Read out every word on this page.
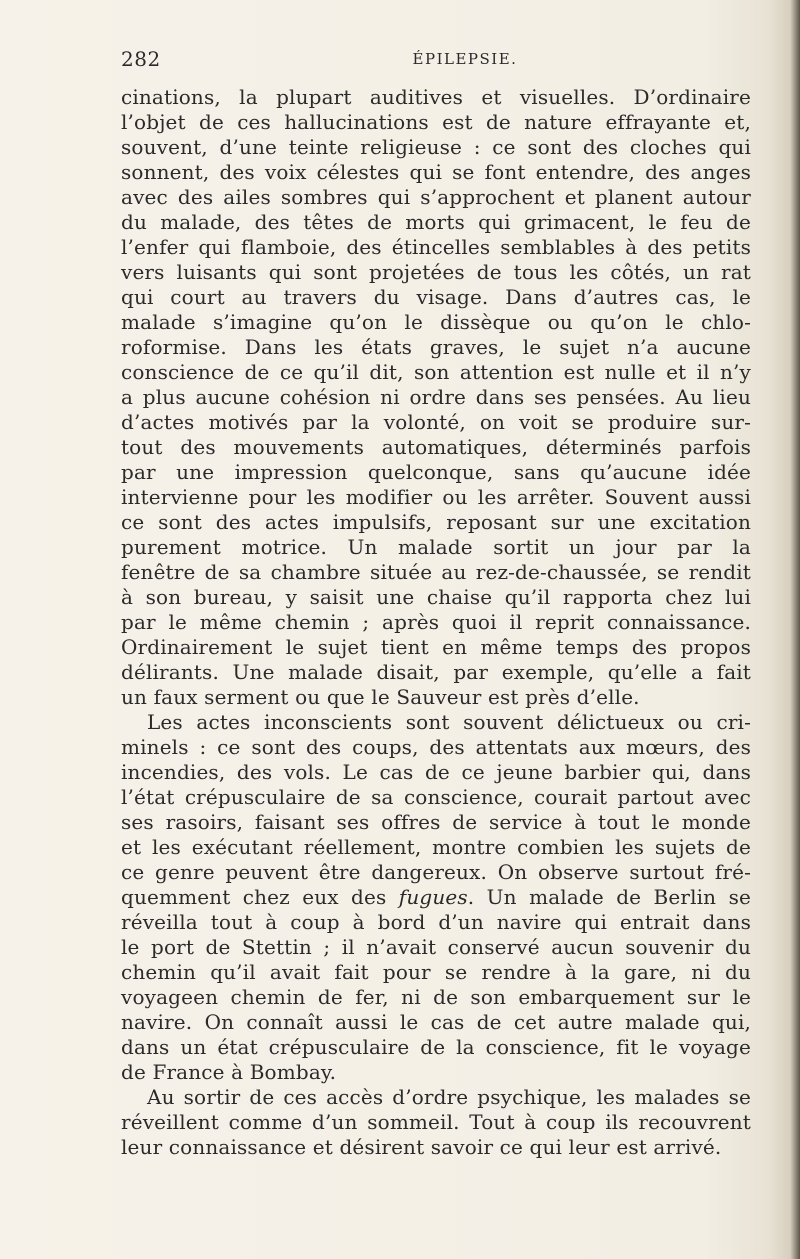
282	ÉPILEPSIE.
cinations, la plupart auditives et visuelles. D’ordinaire
l’objet de ces hallucinations est de nature effrayante et,
souvent, d’une teinte religieuse : ce sont des cloches qui
sonnent, des voix célestes qui se font entendre, des anges
avec des ailes sombres qui s’approchent et planent autour
du malade, des têtes de morts qui grimacent, le feu de
l’enfer qui flamboie, des étincelles semblables à des petits
vers luisants qui sont projetées de tous les côtés, un rat
qui court au travers du visage. Dans d’autres cas, le
malade s’imagine qu’on le dissèque ou qu’on le chlo-
roformise. Dans les états graves, le sujet n’a aucune
conscience de ce qu’il dit, son attention est nulle et il n’y
a plus aucune cohésion ni ordre dans ses pensées. Au lieu
d’actes motivés par la volonté, on voit se produire sur-
tout des mouvements automatiques, déterminés parfois
par une impression quelconque, sans qu’aucune idée
intervienne pour les modifier ou les arrêter. Souvent aussi
ce sont des actes impulsifs, reposant sur une excitation
purement motrice. Un malade sortit un jour par la
fenêtre de sa chambre située au rez-de-chaussée, se rendit
à son bureau, y saisit une chaise qu’il rapporta chez lui
par le même chemin ; après quoi il reprit connaissance.
Ordinairement le sujet tient en même temps des propos
délirants. Une malade disait, par exemple, qu’elle a fait
un faux serment ou que le Sauveur est près d’elle.
Les actes inconscients sont souvent délictueux ou cri-
minels : ce sont des coups, des attentats aux mœurs, des
incendies, des vols. Le cas de ce jeune barbier qui, dans
l’état crépusculaire de sa conscience, courait partout avec
ses rasoirs, faisant ses offres de service à tout le monde
et les exécutant réellement, montre combien les sujets de
ce genre peuvent être dangereux. On observe surtout fré-
quemment chez eux des fugues. Un malade de Berlin se
réveilla tout à coup à bord d’un navire qui entrait dans
le port de Stettin ; il n’avait conservé aucun souvenir du
chemin qu’il avait fait pour se rendre à la gare, ni du
voyageen chemin de fer, ni de son embarquement sur le
navire. On connaît aussi le cas de cet autre malade qui,
dans un état crépusculaire de la conscience, fit le voyage
de France à Bombay.
Au sortir de ces accès d’ordre psychique, les malades se
réveillent comme d’un sommeil. Tout à coup ils recouvrent
leur connaissance et désirent savoir ce qui leur est arrivé.
